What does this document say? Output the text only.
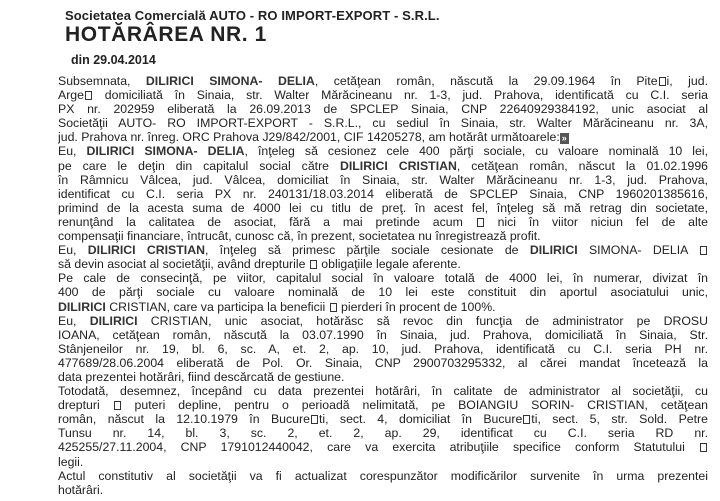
Societatea Comercială AUTO - RO IMPORT-EXPORT - S.R.L.
HOTĂRÂREA NR. 1
din 29.04.2014
Subsemnata, DILIRICI SIMONA- DELIA, cetăţean român, născută la 29.09.1964 în Pite i, jud.
Arge domiciliată în Sinaia, str. Walter Mărăcineanu nr. 1-3, jud. Prahova, identificată cu C.I. seria
PX nr. 202959 eliberată la 26.09.2013 de SPCLEP Sinaia, CNP 22640929384192, unic asociat al
Societăţii AUTO- RO IMPORT-EXPORT - S.R.L., cu sediul în Sinaia, str. Walter Mărăcineanu nr. 3A,
jud. Prahova nr. înreg. ORC Prahova J29/842/2001, CIF 14205278, am hotărât următoarele: »
Eu, DILIRICI SIMONA- DELIA, înţeleg să cesionez cele 400 părţi sociale, cu valoare nominală 10 lei,
pe care le deţin din capitalul social către DILIRICI CRISTIAN, cetăţean român, născut la 01.02.1996
în Râmnicu Vâlcea, jud. Vâlcea, domiciliat în Sinaia, str. Walter Mărăcineanu nr. 1-3, jud. Prahova,
identificat cu C.I. seria PX nr. 240131/18.03.2014 eliberată de SPCLEP Sinaia, CNP 1960201385616,
primind de la acesta suma de 4000 lei cu titlu de preţ. în acest fel, înţeleg să mă retrag din societate,
renunţând la calitatea de asociat, fără a mai pretinde acum  nici în viitor niciun fel de alte
compensaţii financiare, întrucât, cunosc că, în prezent, societatea nu înregistrează profit.
Eu, DILIRICI CRISTIAN, înţeleg să primesc părţile sociale cesionate de DILIRICI SIMONA- DELIA
să devin asociat al societăţii, având drepturile  obligaţiile legale aferente.
Pe cale de consecinţă, pe viitor, capitalul social în valoare totală de 4000 lei, în numerar, divizat în
400 de părţi sociale cu valoare nominală de 10 lei este constituit din aportul asociatului unic,
DILIRICI CRISTIAN, care va participa la beneficii  pierderi în procent de 100%.
Eu, DILIRICI CRISTIAN, unic asociat, hotărăsc să revoc din funcţia de administrator pe DROSU
IOANA, cetăţean român, născută la 03.07.1990 în Sinaia, jud. Prahova, domiciliată în Sinaia, Str.
Stânjeneilor nr. 19, bl. 6, sc. A, et. 2, ap. 10, jud. Prahova, identificată cu C.I. seria PH nr.
477689/28.06.2004 eliberată de Pol. Or. Sinaia, CNP 2900703295332, al cărei mandat încetează la
data prezentei hotărâri, fiind descărcată de gestiune.
Totodată, desemnez, începând cu data prezentei hotărâri, în calitate de administrator al societăţii, cu
drepturi  puteri depline, pentru o perioadă nelimitată, pe BOIANGIU SORIN- CRISTIAN, cetăţean
român, născut la 12.10.1979 în Bucure ti, sect. 4, domiciliat în Bucure ti, sect. 5, str. Sold. Petre
Tunsu nr. 14, bl. 3, sc. 2, et. 2, ap. 29, identificat cu C.I. seria RD nr.
425255/27.11.2004, CNP 1791012440042, care va exercita atribuţiile specifice conform Statutului
legii.
Actul constitutiv al societăţii va fi actualizat corespunzător modificărilor survenite în urma prezentei
hotărâri.
